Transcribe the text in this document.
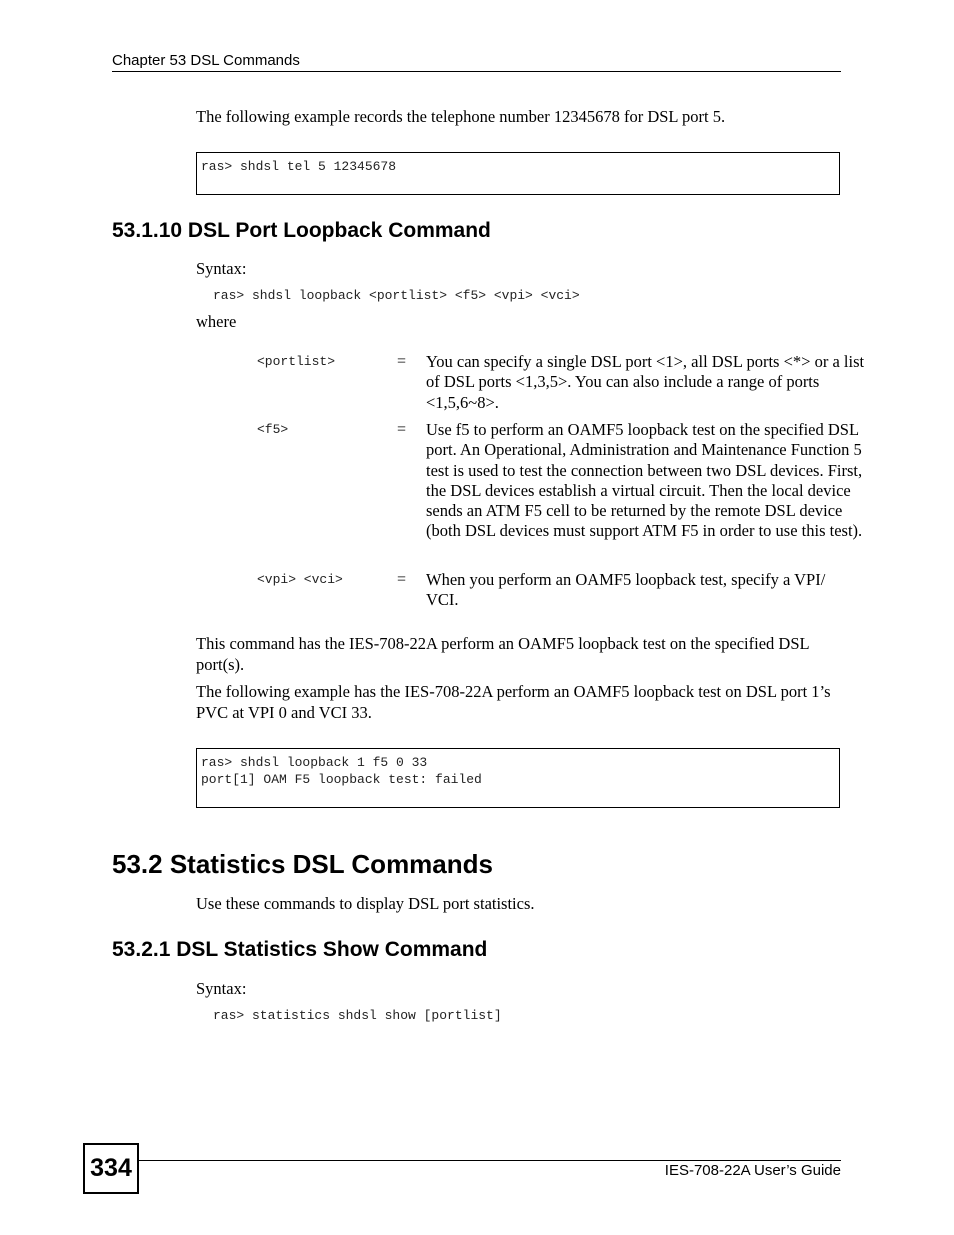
Chapter 53 DSL Commands
The following example records the telephone number 12345678 for DSL port 5.
ras> shdsl tel 5 12345678
53.1.10 DSL Port Loopback Command
Syntax:
ras> shdsl loopback <portlist> <f5> <vpi> <vci>
where
<portlist>	= You can specify a single DSL port <1>, all DSL ports <*> or a list of DSL ports <1,3,5>. You can also include a range of ports <1,5,6~8>.
<f5>	= Use f5 to perform an OAMF5 loopback test on the specified DSL port. An Operational, Administration and Maintenance Function 5 test is used to test the connection between two DSL devices. First, the DSL devices establish a virtual circuit. Then the local device sends an ATM F5 cell to be returned by the remote DSL device (both DSL devices must support ATM F5 in order to use this test).
<vpi> <vci>	= When you perform an OAMF5 loopback test, specify a VPI/ VCI.
This command has the IES-708-22A perform an OAMF5 loopback test on the specified DSL port(s).
The following example has the IES-708-22A perform an OAMF5 loopback test on DSL port 1’s PVC at VPI 0 and VCI 33.
ras> shdsl loopback 1 f5 0 33
port[1] OAM F5 loopback test: failed
53.2 Statistics DSL Commands
Use these commands to display DSL port statistics.
53.2.1 DSL Statistics Show Command
Syntax:
ras> statistics shdsl show [portlist]
334	IES-708-22A User’s Guide
